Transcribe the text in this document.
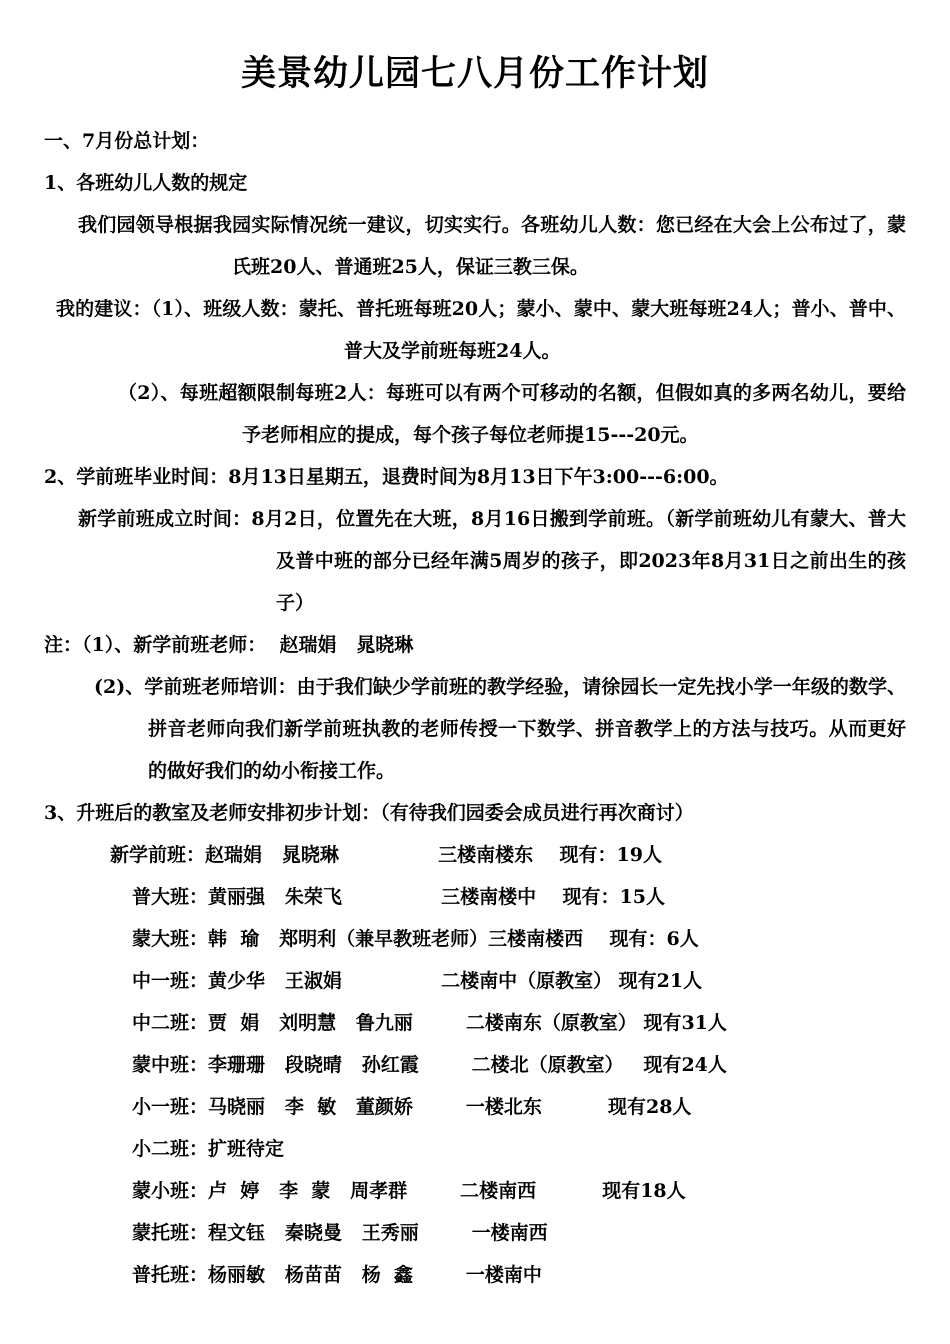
美景幼儿园七八月份工作计划

一、7月份总计划：

1、各班幼儿人数的规定

我们园领导根据我园实际情况统一建议，切实实行。各班幼儿人数：您已经在大会上公布过了，蒙氏班20人、普通班25人，保证三教三保。

我的建议：（1）、班级人数：蒙托、普托班每班20人；蒙小、蒙中、蒙大班每班24人；普小、普中、普大及学前班每班24人。

（2）、每班超额限制每班2人：每班可以有两个可移动的名额，但假如真的多两名幼儿，要给予老师相应的提成，每个孩子每位老师提15---20元。

2、学前班毕业时间：8月13日星期五，退费时间为8月13日下午3:00---6:00。

新学前班成立时间：8月2日，位置先在大班，8月16日搬到学前班。（新学前班幼儿有蒙大、普大及普中班的部分已经年满5周岁的孩子，即2023年8月31日之前出生的孩子）

注：（1）、新学前班老师：  赵瑞娟   晁晓琳

(2)、学前班老师培训：由于我们缺少学前班的教学经验，请徐园长一定先找小学一年级的数学、拼音老师向我们新学前班执教的老师传授一下数学、拼音教学上的方法与技巧。从而更好的做好我们的幼小衔接工作。

3、升班后的教室及老师安排初步计划：（有待我们园委会成员进行再次商讨）

新学前班：赵瑞娟   晁晓琳               三楼南楼东    现有：19人

普大班：黄丽强   朱荣飞               三楼南楼中    现有：15人

蒙大班：韩  瑜   郑明利（兼早教班老师）三楼南楼西    现有：6人

中一班：黄少华   王淑娟               二楼南中（原教室） 现有21人

中二班：贾  娟   刘明慧   鲁九丽        二楼南东（原教室） 现有31人

蒙中班：李珊珊   段晓晴   孙红霞        二楼北（原教室）   现有24人

小一班：马晓丽   李  敏   董颜娇        一楼北东          现有28人

小二班：扩班待定

蒙小班：卢  婷   李  蒙   周孝群        二楼南西          现有18人

蒙托班：程文钰   秦晓曼   王秀丽        一楼南西

普托班：杨丽敏   杨苗苗   杨  鑫        一楼南中
